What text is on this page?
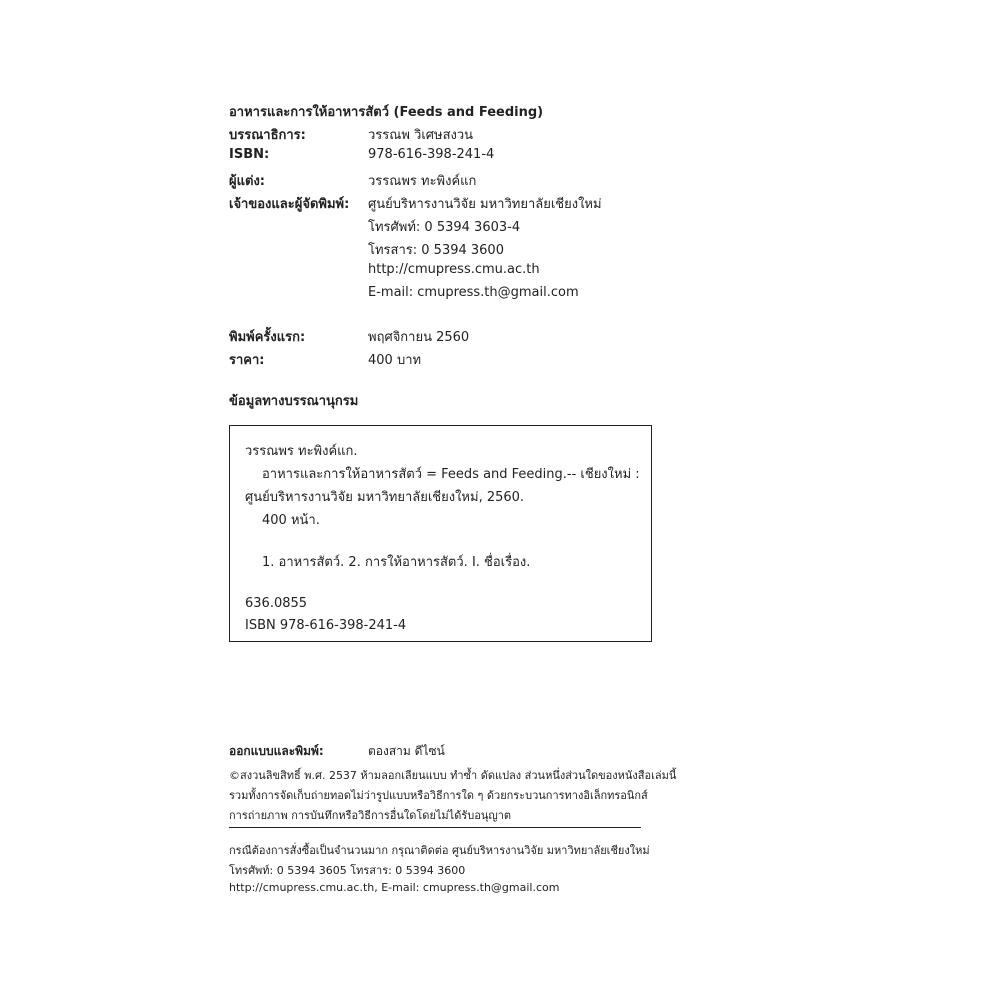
อาหารและการให้อาหารสัตว์ (Feeds and Feeding)
บรรณาธิการ:	วรรณพ วิเศษสงวน
ISBN:	978-616-398-241-4
ผู้แต่ง:	วรรณพร ทะพิงค์แก
เจ้าของและผู้จัดพิมพ์: ศูนย์บริหารงานวิจัย มหาวิทยาลัยเชียงใหม่
โทรศัพท์: 0 5394 3603-4
โทรสาร: 0 5394 3600
http://cmupress.cmu.ac.th
E-mail: cmupress.th@gmail.com
พิมพ์ครั้งแรก:	พฤศจิกายน 2560
ราคา:	400 บาท
ข้อมูลทางบรรณานุกรม
วรรณพร ทะพิงค์แก.
อาหารและการให้อาหารสัตว์ = Feeds and Feeding.-- เชียงใหม่ :
ศูนย์บริหารงานวิจัย มหาวิทยาลัยเชียงใหม่, 2560.
400 หน้า.
1. อาหารสัตว์. 2. การให้อาหารสัตว์. I. ชื่อเรื่อง.
636.0855
ISBN 978-616-398-241-4
ออกแบบและพิมพ์:	ตองสาม ดีไซน์
©สงวนลิขสิทธิ์ พ.ศ. 2537 ห้ามลอกเลียนแบบ ทำซ้ำ ดัดแปลง ส่วนหนึ่งส่วนใดของหนังสือเล่มนี้
รวมทั้งการจัดเก็บถ่ายทอดไม่ว่ารูปแบบหรือวิธีการใด ๆ ด้วยกระบวนการทางอิเล็กทรอนิกส์
การถ่ายภาพ การบันทึกหรือวิธีการอื่นใดโดยไม่ได้รับอนุญาต
กรณีต้องการสั่งซื้อเป็นจำนวนมาก กรุณาติดต่อ ศูนย์บริหารงานวิจัย มหาวิทยาลัยเชียงใหม่
โทรศัพท์: 0 5394 3605 โทรสาร: 0 5394 3600
http://cmupress.cmu.ac.th, E-mail: cmupress.th@gmail.com
